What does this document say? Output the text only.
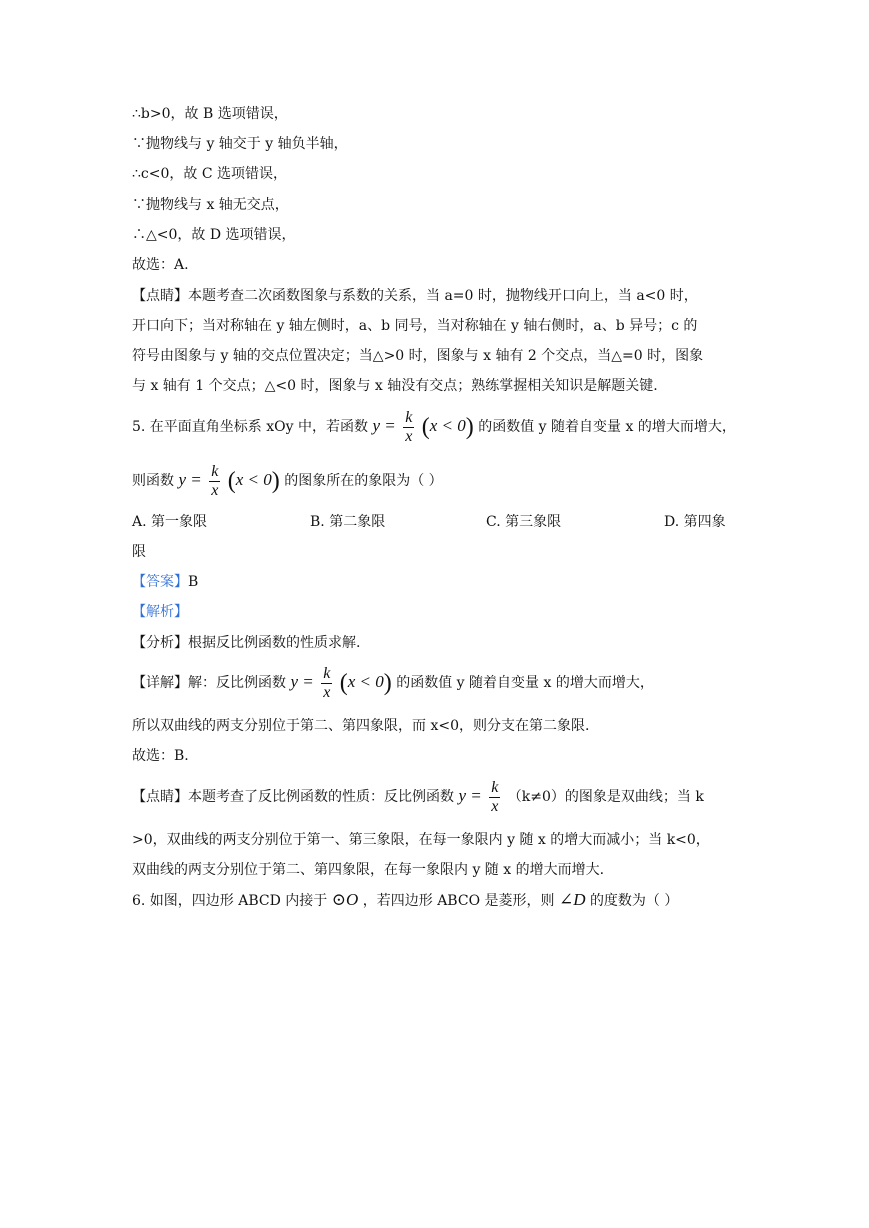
∴b>0，故 B 选项错误，
∵抛物线与 y 轴交于 y 轴负半轴，
∴c<0，故 C 选项错误，
∵抛物线与 x 轴无交点，
∴△<0，故 D 选项错误，
故选：A.
【点睛】本题考查二次函数图象与系数的关系，当 a=0 时，抛物线开口向上，当 a<0 时，
开口向下；当对称轴在 y 轴左侧时，a、b 同号，当对称轴在 y 轴右侧时，a、b 异号；c 的
符号由图象与 y 轴的交点位置决定；当△>0 时，图象与 x 轴有 2 个交点，当△=0 时，图象
与 x 轴有 1 个交点；△<0 时，图象与 x 轴没有交点；熟练掌握相关知识是解题关键.
5. 在平面直角坐标系 xOy 中，若函数 $y = \frac{k}{x} (x < 0)$ 的函数值 y 随着自变量 x 的增大而增大，
则函数 $y = \frac{k}{x} (x < 0)$ 的图象所在的象限为（ ）
A. 第一象限	B. 第二象限	C. 第三象限	D. 第四象
限
【答案】B
【解析】
【分析】根据反比例函数的性质求解.
【详解】解：反比例函数 $y = \frac{k}{x} (x < 0)$ 的函数值 y 随着自变量 x 的增大而增大，
所以双曲线的两支分别位于第二、第四象限，而 x<0，则分支在第二象限.
故选：B.
【点睛】本题考查了反比例函数的性质：反比例函数 $y = \frac{k}{x} (k\ne 0)$的图象是双曲线；当 k
>0，双曲线的两支分别位于第一、第三象限，在每一象限内 y 随 x 的增大而减小；当 k<0，
双曲线的两支分别位于第二、第四象限，在每一象限内 y 随 x 的增大而增大.
6. 如图，四边形 ABCD 内接于 ⊙O ，若四边形 ABCO 是菱形，则 ∠D 的度数为（ ）
